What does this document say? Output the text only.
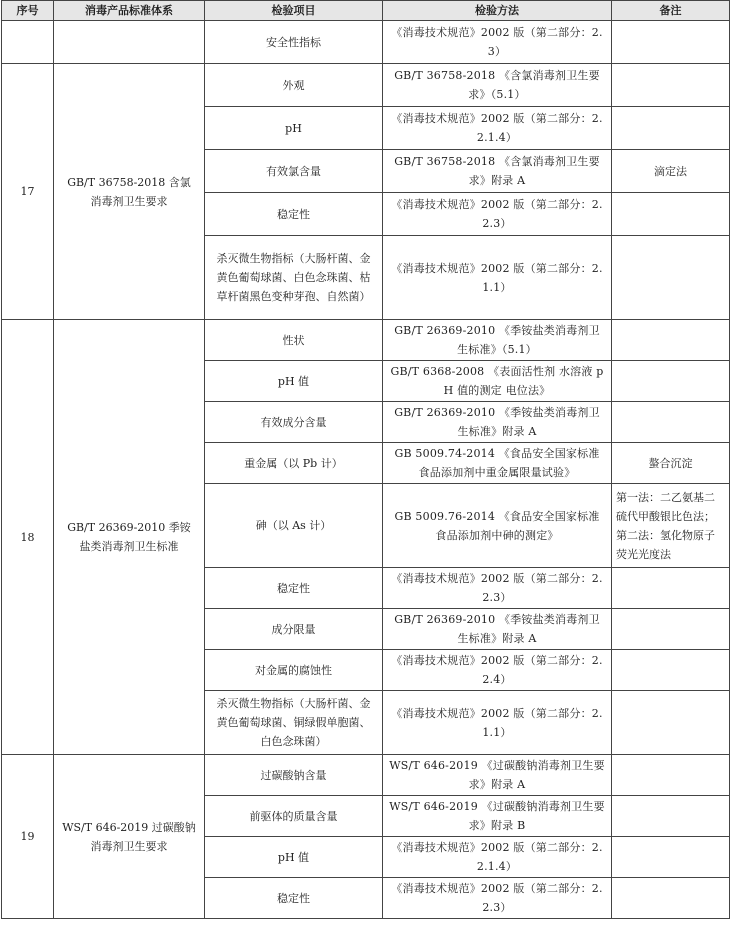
序号	消毒产品标准体系	检验项目	检验方法	备注
		安全性指标	《消毒技术规范》2002 版（第二部分：2.3）	
17	GB/T 36758-2018 含氯消毒剂卫生要求	外观	GB/T 36758-2018 《含氯消毒剂卫生要求》（5.1）	
		pH	《消毒技术规范》2002 版（第二部分：2.2.1.4）	
		有效氯含量	GB/T 36758-2018 《含氯消毒剂卫生要求》附录 A	滴定法
		稳定性	《消毒技术规范》2002 版（第二部分：2.2.3）	
		杀灭微生物指标（大肠杆菌、金黄色葡萄球菌、白色念珠菌、枯草杆菌黑色变种芽孢、自然菌）	《消毒技术规范》2002 版（第二部分：2.1.1）	
18	GB/T 26369-2010 季铵盐类消毒剂卫生标准	性状	GB/T 26369-2010 《季铵盐类消毒剂卫生标准》（5.1）	
		pH 值	GB/T 6368-2008 《表面活性剂 水溶液 pH 值的测定 电位法》	
		有效成分含量	GB/T 26369-2010 《季铵盐类消毒剂卫生标准》附录 A	
		重金属（以 Pb 计）	GB 5009.74-2014 《食品安全国家标准 食品添加剂中重金属限量试验》	螯合沉淀
		砷（以 As 计）	GB 5009.76-2014 《食品安全国家标准 食品添加剂中砷的测定》	第一法：二乙氨基二硫代甲酸银比色法；第二法：氢化物原子荧光光度法
		稳定性	《消毒技术规范》2002 版（第二部分：2.2.3）	
		成分限量	GB/T 26369-2010 《季铵盐类消毒剂卫生标准》附录 A	
		对金属的腐蚀性	《消毒技术规范》2002 版（第二部分：2.2.4）	
		杀灭微生物指标（大肠杆菌、金黄色葡萄球菌、铜绿假单胞菌、白色念珠菌）	《消毒技术规范》2002 版（第二部分：2.1.1）	
19	WS/T 646-2019 过碳酸钠消毒剂卫生要求	过碳酸钠含量	WS/T 646-2019 《过碳酸钠消毒剂卫生要求》附录 A	
		前驱体的质量含量	WS/T 646-2019 《过碳酸钠消毒剂卫生要求》附录 B	
		pH 值	《消毒技术规范》2002 版（第二部分：2.2.1.4）	
		稳定性	《消毒技术规范》2002 版（第二部分：2.2.3）	
